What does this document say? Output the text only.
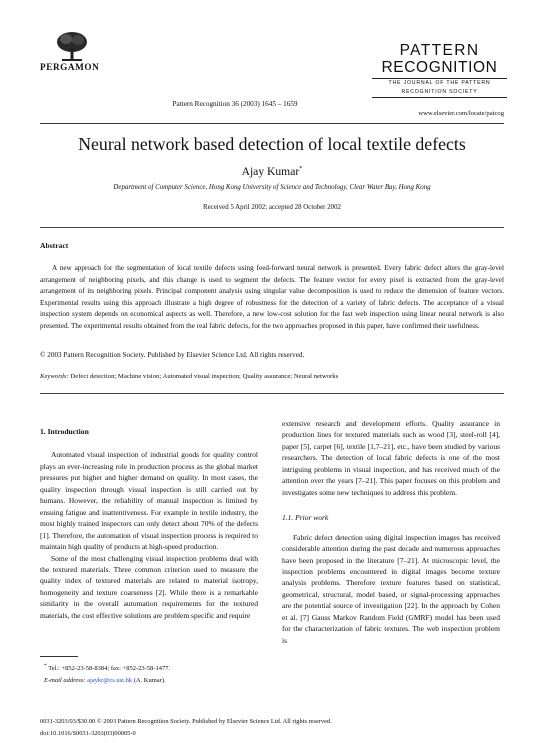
PERGAMON
Pattern Recognition 36 (2003) 1645 – 1659
PATTERN
RECOGNITION
THE JOURNAL OF THE PATTERN RECOGNITION SOCIETY
www.elsevier.com/locate/patcog
Neural network based detection of local textile defects
Ajay Kumar*
Department of Computer Science, Hong Kong University of Science and Technology, Clear Water Bay, Hong Kong
Received 5 April 2002; accepted 28 October 2002
Abstract
A new approach for the segmentation of local textile defects using feed-forward neural network is presented. Every fabric defect alters the gray-level arrangement of neighboring pixels, and this change is used to segment the defects. The feature vector for every pixel is extracted from the gray-level arrangement of its neighboring pixels. Principal component analysis using singular value decomposition is used to reduce the dimension of feature vectors. Experimental results using this approach illustrate a high degree of robustness for the detection of a variety of fabric defects. The acceptance of a visual inspection system depends on economical aspects as well. Therefore, a new low-cost solution for the fast web inspection using linear neural network is also presented. The experimental results obtained from the real fabric defects, for the two approaches proposed in this paper, have confirmed their usefulness.
© 2003 Pattern Recognition Society. Published by Elsevier Science Ltd. All rights reserved.
Keywords: Defect detection; Machine vision; Automated visual inspection; Quality assurance; Neural networks
1. Introduction

Automated visual inspection of industrial goods for quality control plays an ever-increasing role in production process as the global market pressures put higher and higher demand on quality. In most cases, the quality inspection through visual inspection is still carried out by humans. However, the reliability of manual inspection is limited by ensuing fatigue and inattentiveness. For example in textile industry, the most highly trained inspectors can only detect about 70% of the defects [1]. Therefore, the automation of visual inspection process is required to maintain high quality of products at high-speed production.

Some of the most challenging visual inspection problems deal with the textured materials. Three common criterion used to measure the quality index of textured materials are related to material isotropy, homogeneity and texture coarseness [2]. While there is a remarkable similarity in the overall automation requirements for the textured materials, the cost effective solutions are problem specific and require

extensive research and development efforts. Quality assurance in production lines for textured materials such as wood [3], steel-roll [4], paper [5], carpet [6], textile [1,7–21], etc., have been studied by various researchers. The detection of local fabric defects is one of the most intriguing problems in visual inspection, and has received much of the attention over the years [7–21]. This paper focuses on this problem and investigates some new techniques to address this problem.

1.1. Prior work

Fabric defect detection using digital inspection images has received considerable attention during the past decade and numerous approaches have been proposed in the literature [7–21]. At microscopic level, the inspection problems encountered in digital images become texture analysis problems. Therefore texture features based on statistical, geometrical, structural, model based, or signal-processing approaches are the potential source of investigation [22]. In the approach by Cohen et al. [7] Gauss Markov Random Field (GMRF) model has been used for the characterization of fabric textures. The web inspection problem is

* Tel.: +852-23-58-8384; fax: +852-23-58-1477.
E-mail address: ajaykr@cs.ust.hk (A. Kumar).
0031-3203/03/$30.00 © 2003 Pattern Recognition Society. Published by Elsevier Science Ltd. All rights reserved.
doi:10.1016/S0031-3203(03)00005-0
